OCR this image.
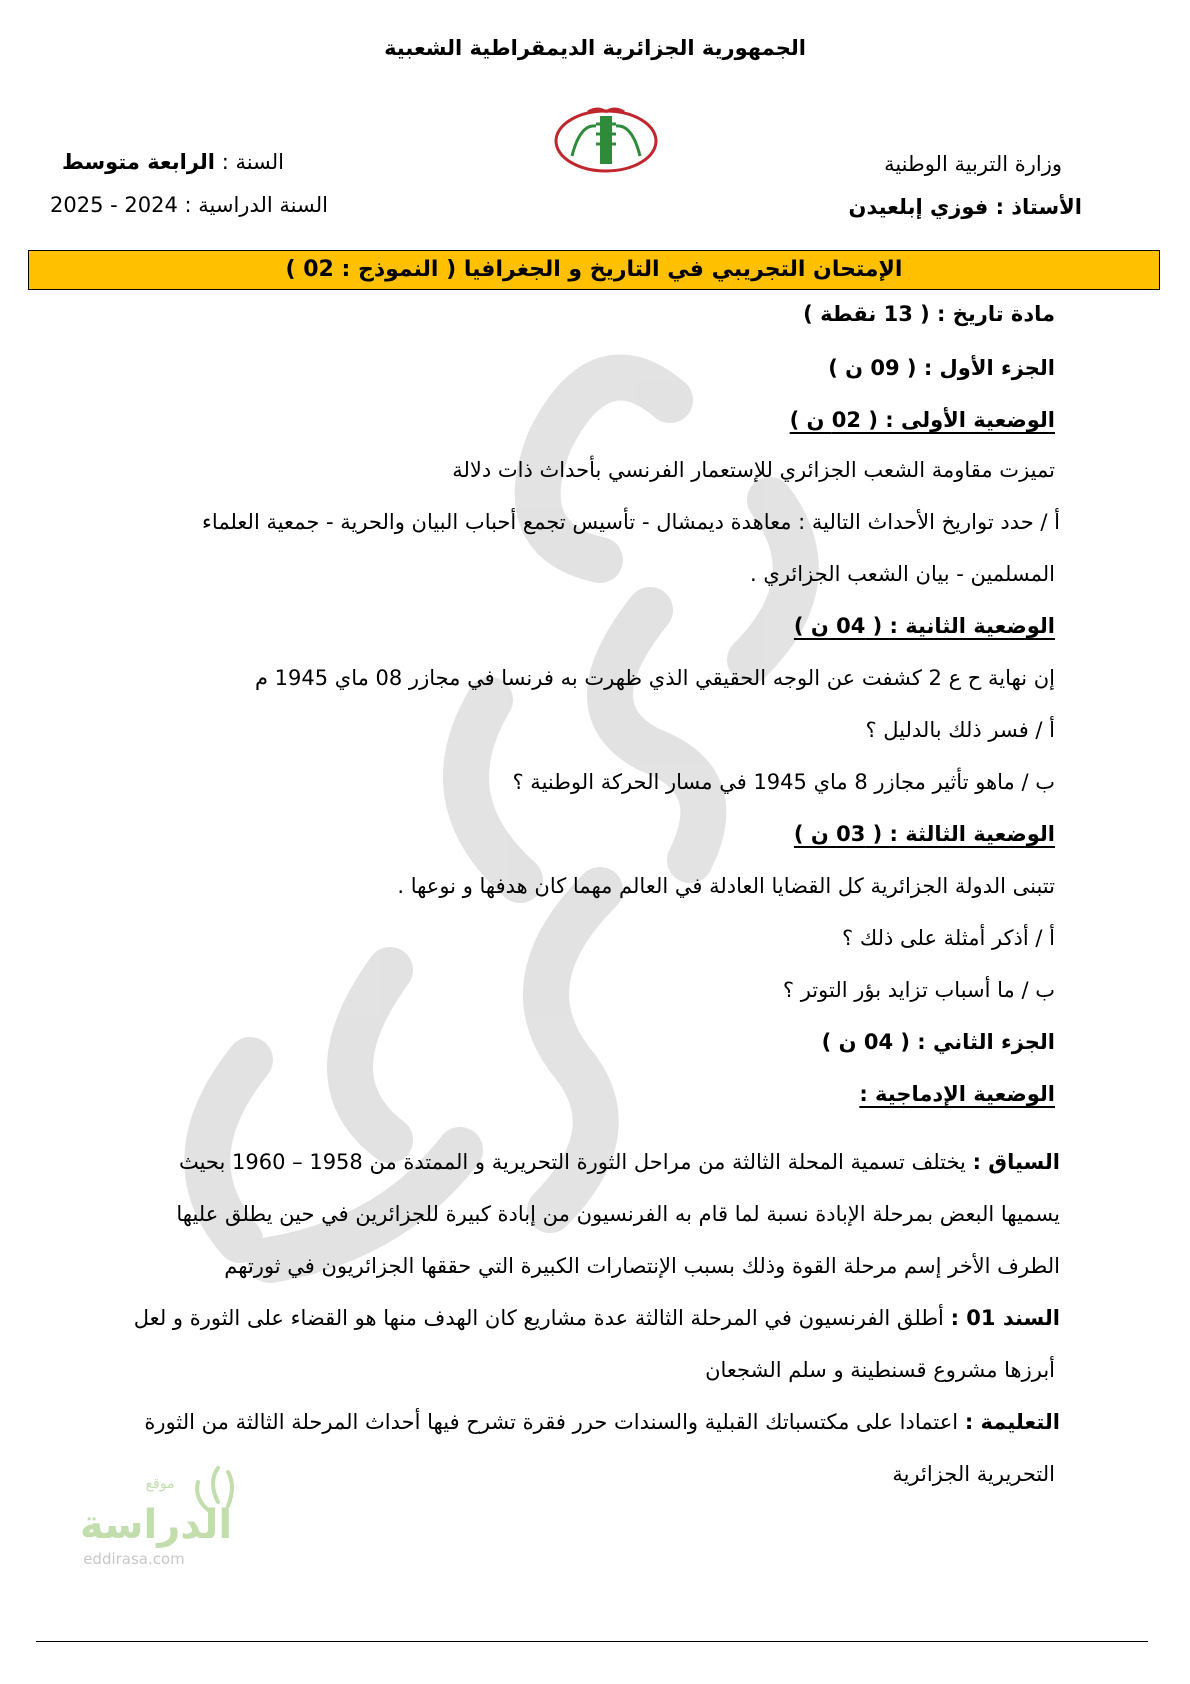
الجمهورية الجزائرية الديمقراطية الشعبية
وزارة التربية الوطنية
الأستاذ : فوزي إبلعيدن
السنة : الرابعة متوسط
السنة الدراسية : 2024 - 2025
الإمتحان التجريبي في التاريخ و الجغرافيا ( النموذج : 02 )
فوزي إبلعيدن
مادة تاريخ : ( 13 نقطة )
الجزء الأول : ( 09 ن )
الوضعية الأولى : ( 02 ن )
تميزت مقاومة الشعب الجزائري للإستعمار الفرنسي بأحداث ذات دلالة
أ / حدد تواريخ الأحداث التالية : معاهدة ديمشال - تأسيس تجمع أحباب البيان والحرية - جمعية العلماء
المسلمين - بيان الشعب الجزائري .
الوضعية الثانية : ( 04 ن )
إن نهاية ح ع 2 كشفت عن الوجه الحقيقي الذي ظهرت به فرنسا في مجازر 08 ماي 1945 م
أ / فسر ذلك بالدليل ؟
ب / ماهو تأثير مجازر 8 ماي 1945 في مسار الحركة الوطنية ؟
الوضعية الثالثة : ( 03 ن )
تتبنى الدولة الجزائرية كل القضايا العادلة في العالم مهما كان هدفها و نوعها .
أ / أذكر أمثلة على ذلك ؟
ب / ما أسباب تزايد بؤر التوتر ؟
الجزء الثاني : ( 04 ن )
الوضعية الإدماجية :
السياق : يختلف تسمية المحلة الثالثة من مراحل الثورة التحريرية و الممتدة من 1958 – 1960 بحيث
يسميها البعض بمرحلة الإبادة نسبة لما قام به الفرنسيون من إبادة كبيرة للجزائرين في حين يطلق عليها
الطرف الأخر إسم مرحلة القوة وذلك بسبب الإنتصارات الكبيرة التي حققها الجزائريون في ثورتهم
السند 01 : أطلق الفرنسيون في المرحلة الثالثة عدة مشاريع كان الهدف منها هو القضاء على الثورة و لعل
أبرزها مشروع قسنطينة و سلم الشجعان
التعليمة : اعتمادا على مكتسباتك القبلية والسندات حرر فقرة تشرح فيها أحداث المرحلة الثالثة من الثورة
التحريرية الجزائرية
موقع
الدراسة
eddirasa.com
